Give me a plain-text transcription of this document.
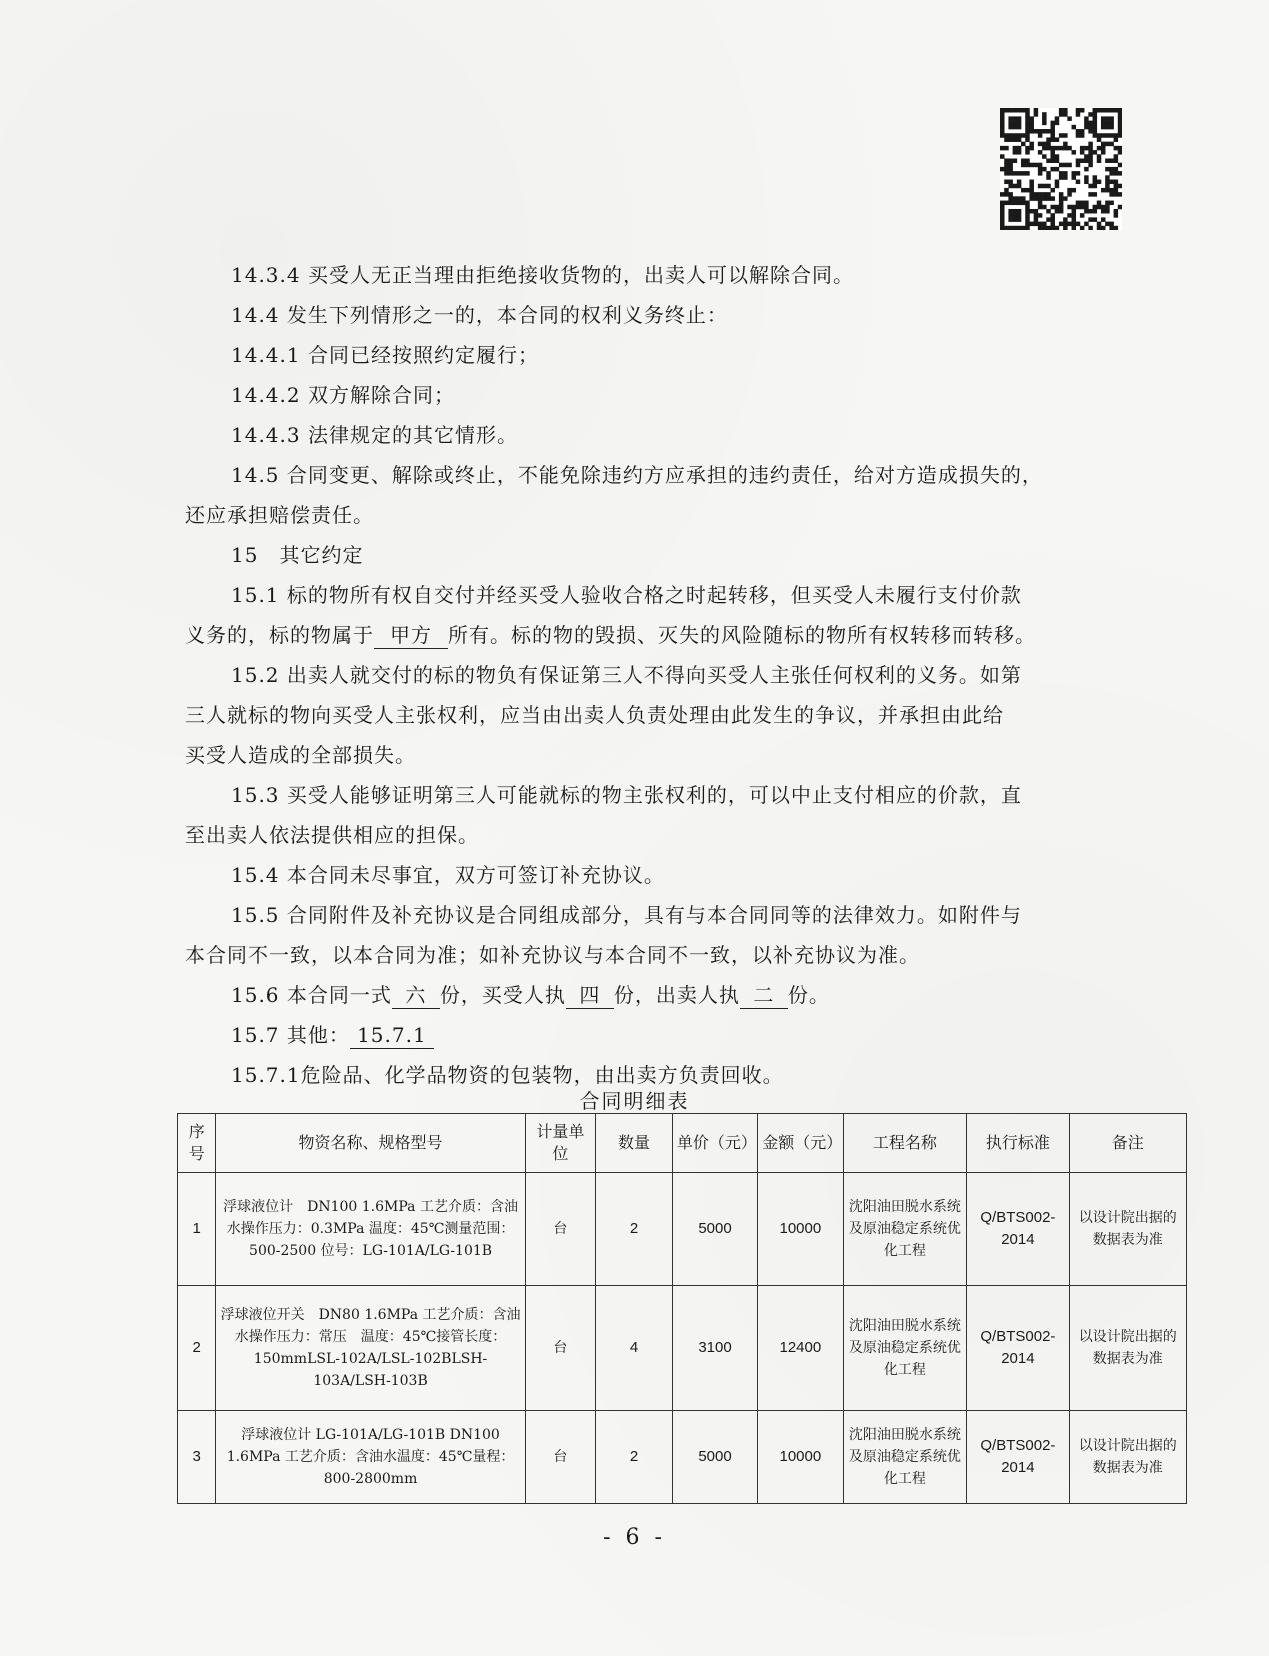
14.3.4 买受人无正当理由拒绝接收货物的，出卖人可以解除合同。
14.4 发生下列情形之一的，本合同的权利义务终止：
14.4.1 合同已经按照约定履行；
14.4.2 双方解除合同；
14.4.3 法律规定的其它情形。
14.5 合同变更、解除或终止，不能免除违约方应承担的违约责任，给对方造成损失的，
还应承担赔偿责任。
15　其它约定
15.1 标的物所有权自交付并经买受人验收合格之时起转移，但买受人未履行支付价款
义务的，标的物属于 甲方 所有。标的物的毁损、灭失的风险随标的物所有权转移而转移。
15.2 出卖人就交付的标的物负有保证第三人不得向买受人主张任何权利的义务。如第
三人就标的物向买受人主张权利，应当由出卖人负责处理由此发生的争议，并承担由此给
买受人造成的全部损失。
15.3 买受人能够证明第三人可能就标的物主张权利的，可以中止支付相应的价款，直
至出卖人依法提供相应的担保。
15.4 本合同未尽事宜，双方可签订补充协议。
15.5 合同附件及补充协议是合同组成部分，具有与本合同同等的法律效力。如附件与
本合同不一致，以本合同为准；如补充协议与本合同不一致，以补充协议为准。
15.6 本合同一式 六 份，买受人执 四 份，出卖人执 二 份。
15.7 其他： 15.7.1
15.7.1危险品、化学品物资的包装物，由出卖方负责回收。
合同明细表
序号	物资名称、规格型号	计量单位	数量	单价（元）	金额（元）	工程名称	执行标准	备注
1	浮球液位计　DN100 1.6MPa 工艺介质：含油水操作压力：0.3MPa 温度：45℃测量范围：500-2500 位号：LG-101A/LG-101B	台	2	5000	10000	沈阳油田脱水系统及原油稳定系统优化工程	Q/BTS002-2014	以设计院出据的数据表为准
2	浮球液位开关　DN80 1.6MPa 工艺介质：含油水操作压力：常压　温度：45℃接管长度：150mmLSL-102A/LSL-102BLSH-103A/LSH-103B	台	4	3100	12400	沈阳油田脱水系统及原油稳定系统优化工程	Q/BTS002-2014	以设计院出据的数据表为准
3	浮球液位计 LG-101A/LG-101B DN100 1.6MPa 工艺介质：含油水温度：45℃量程：800-2800mm	台	2	5000	10000	沈阳油田脱水系统及原油稳定系统优化工程	Q/BTS002-2014	以设计院出据的数据表为准
- 6 -
